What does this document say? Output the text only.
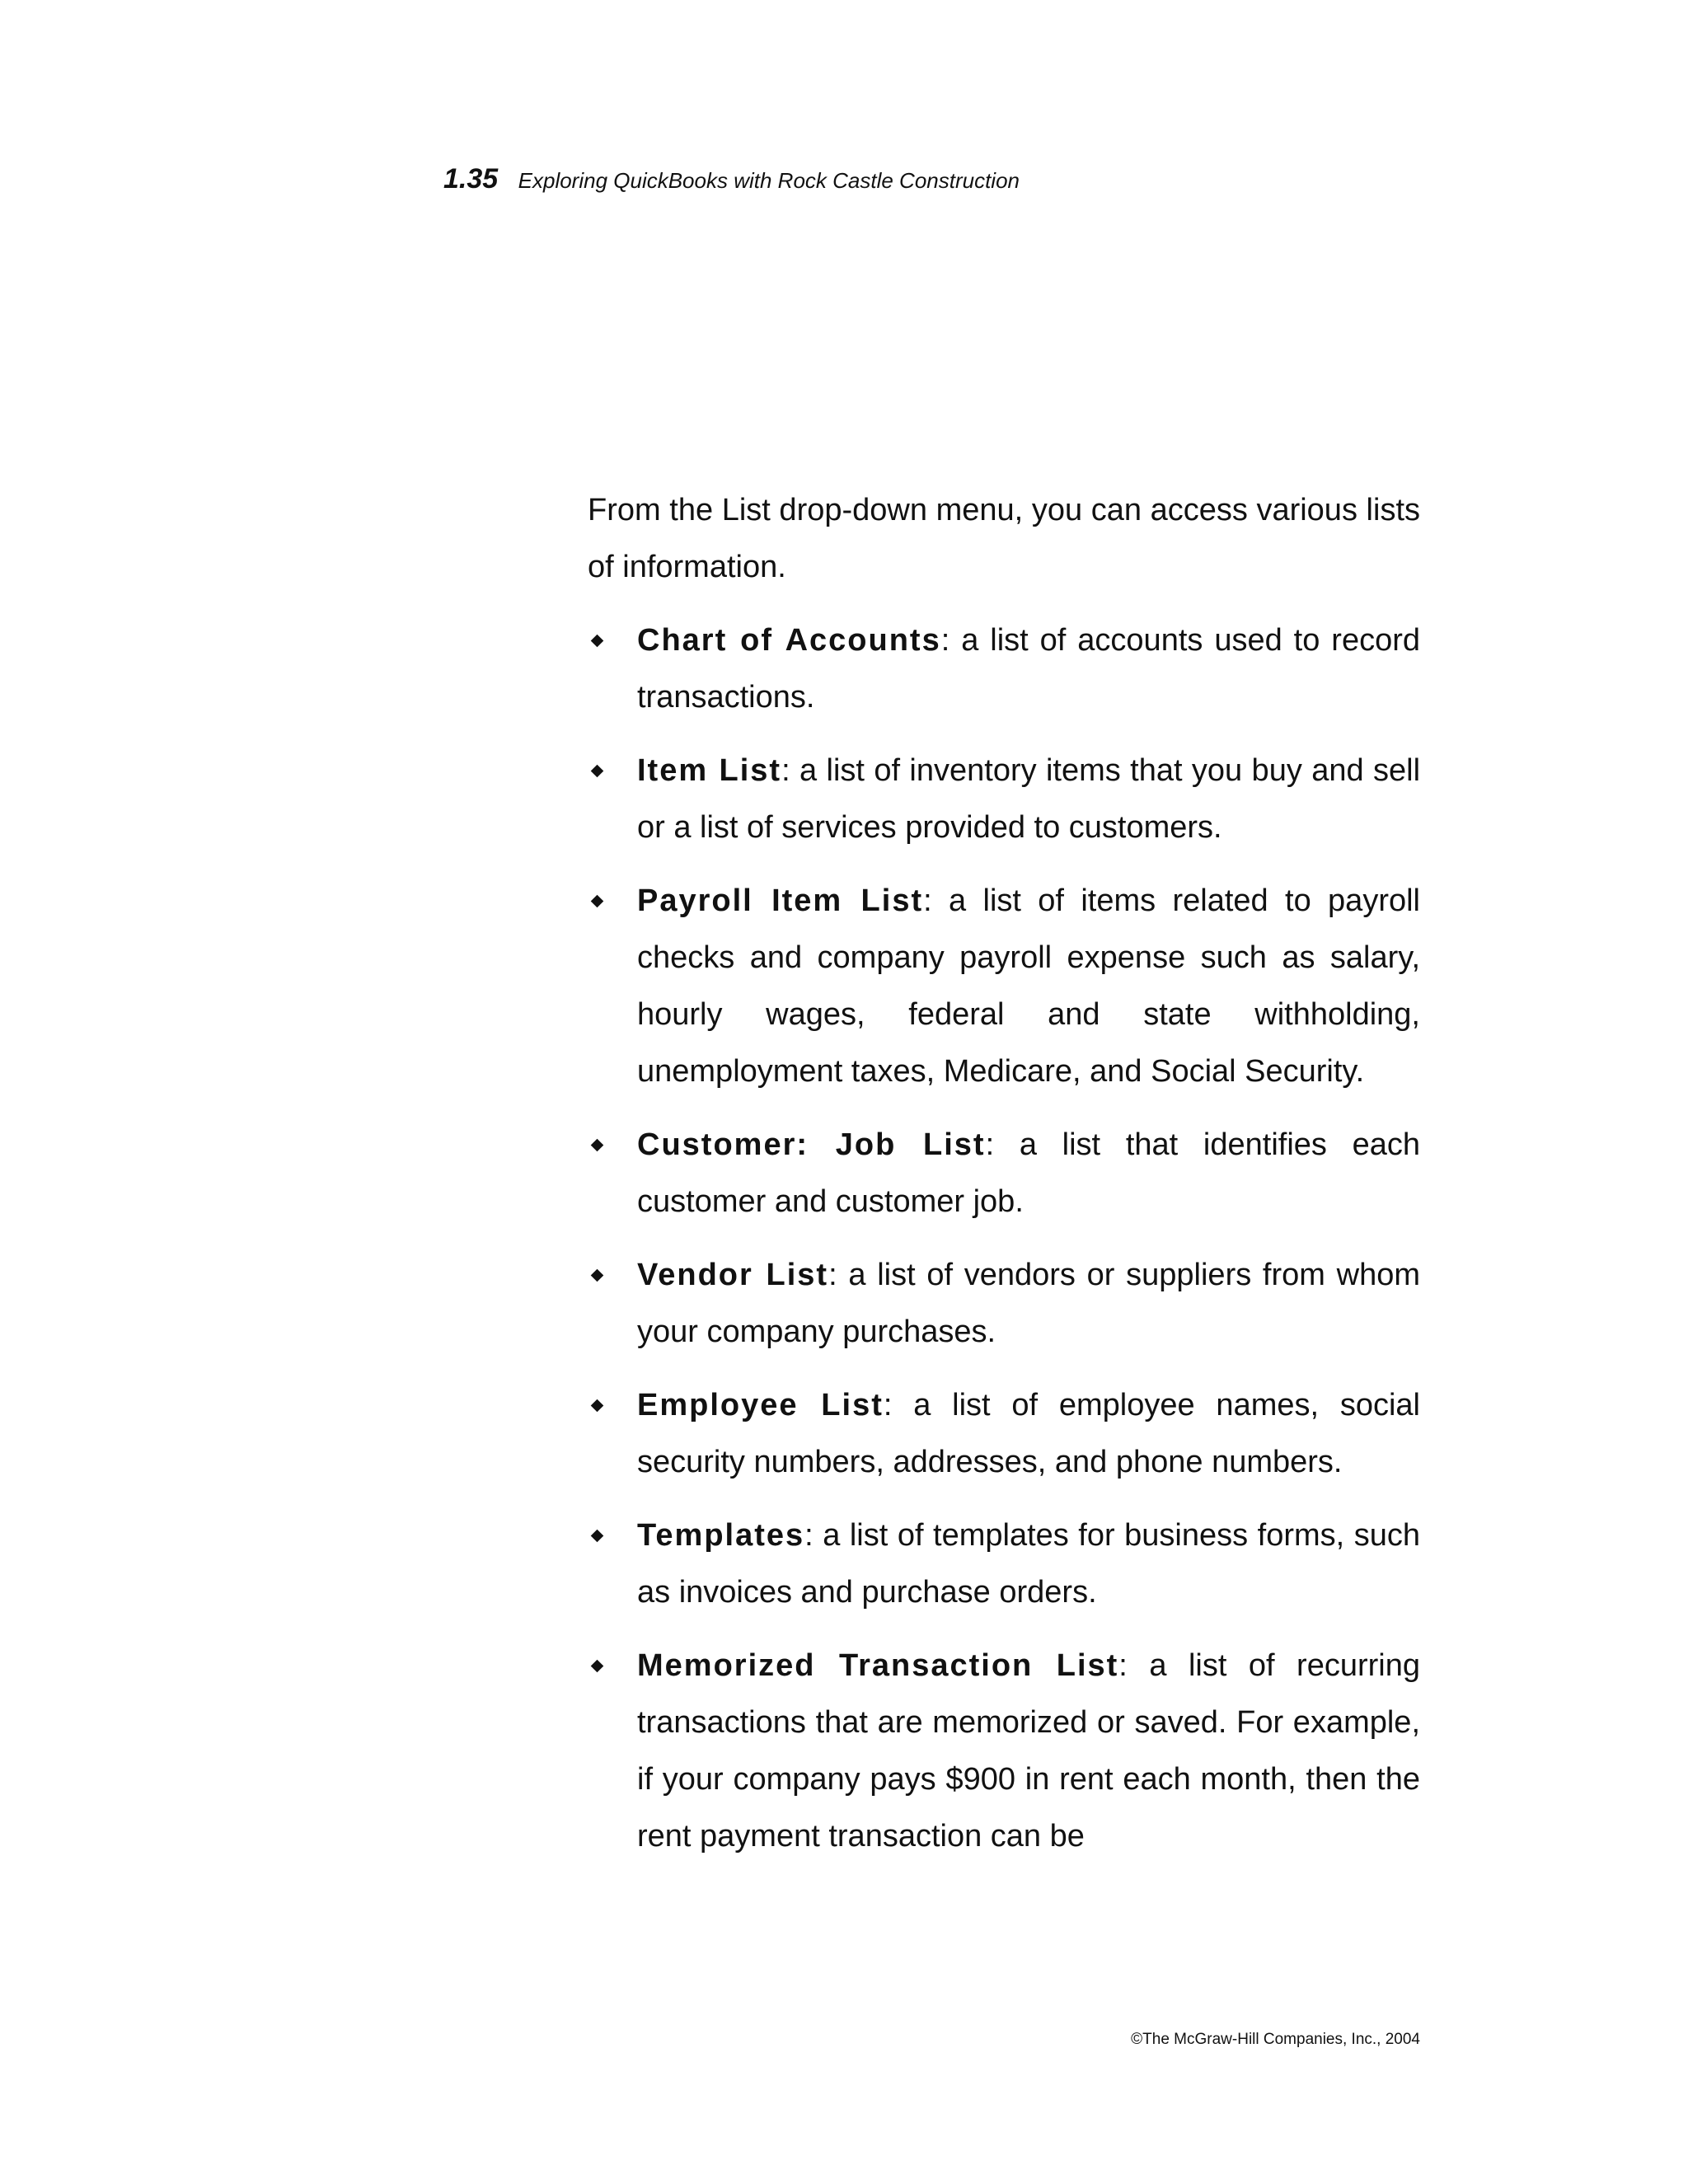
1.35 Exploring QuickBooks with Rock Castle Construction

From the List drop-down menu, you can access various lists of information.

Chart of Accounts: a list of accounts used to record transactions.
Item List: a list of inventory items that you buy and sell or a list of services provided to customers.
Payroll Item List: a list of items related to payroll checks and company payroll expense such as salary, hourly wages, federal and state withholding, unemployment taxes, Medicare, and Social Security.
Customer: Job List: a list that identifies each customer and customer job.
Vendor List: a list of vendors or suppliers from whom your company purchases.
Employee List: a list of employee names, social security numbers, addresses, and phone numbers.
Templates: a list of templates for business forms, such as invoices and purchase orders.
Memorized Transaction List: a list of recurring transactions that are memorized or saved. For example, if your company pays $900 in rent each month, then the rent payment transaction can be
©The McGraw-Hill Companies, Inc., 2004
